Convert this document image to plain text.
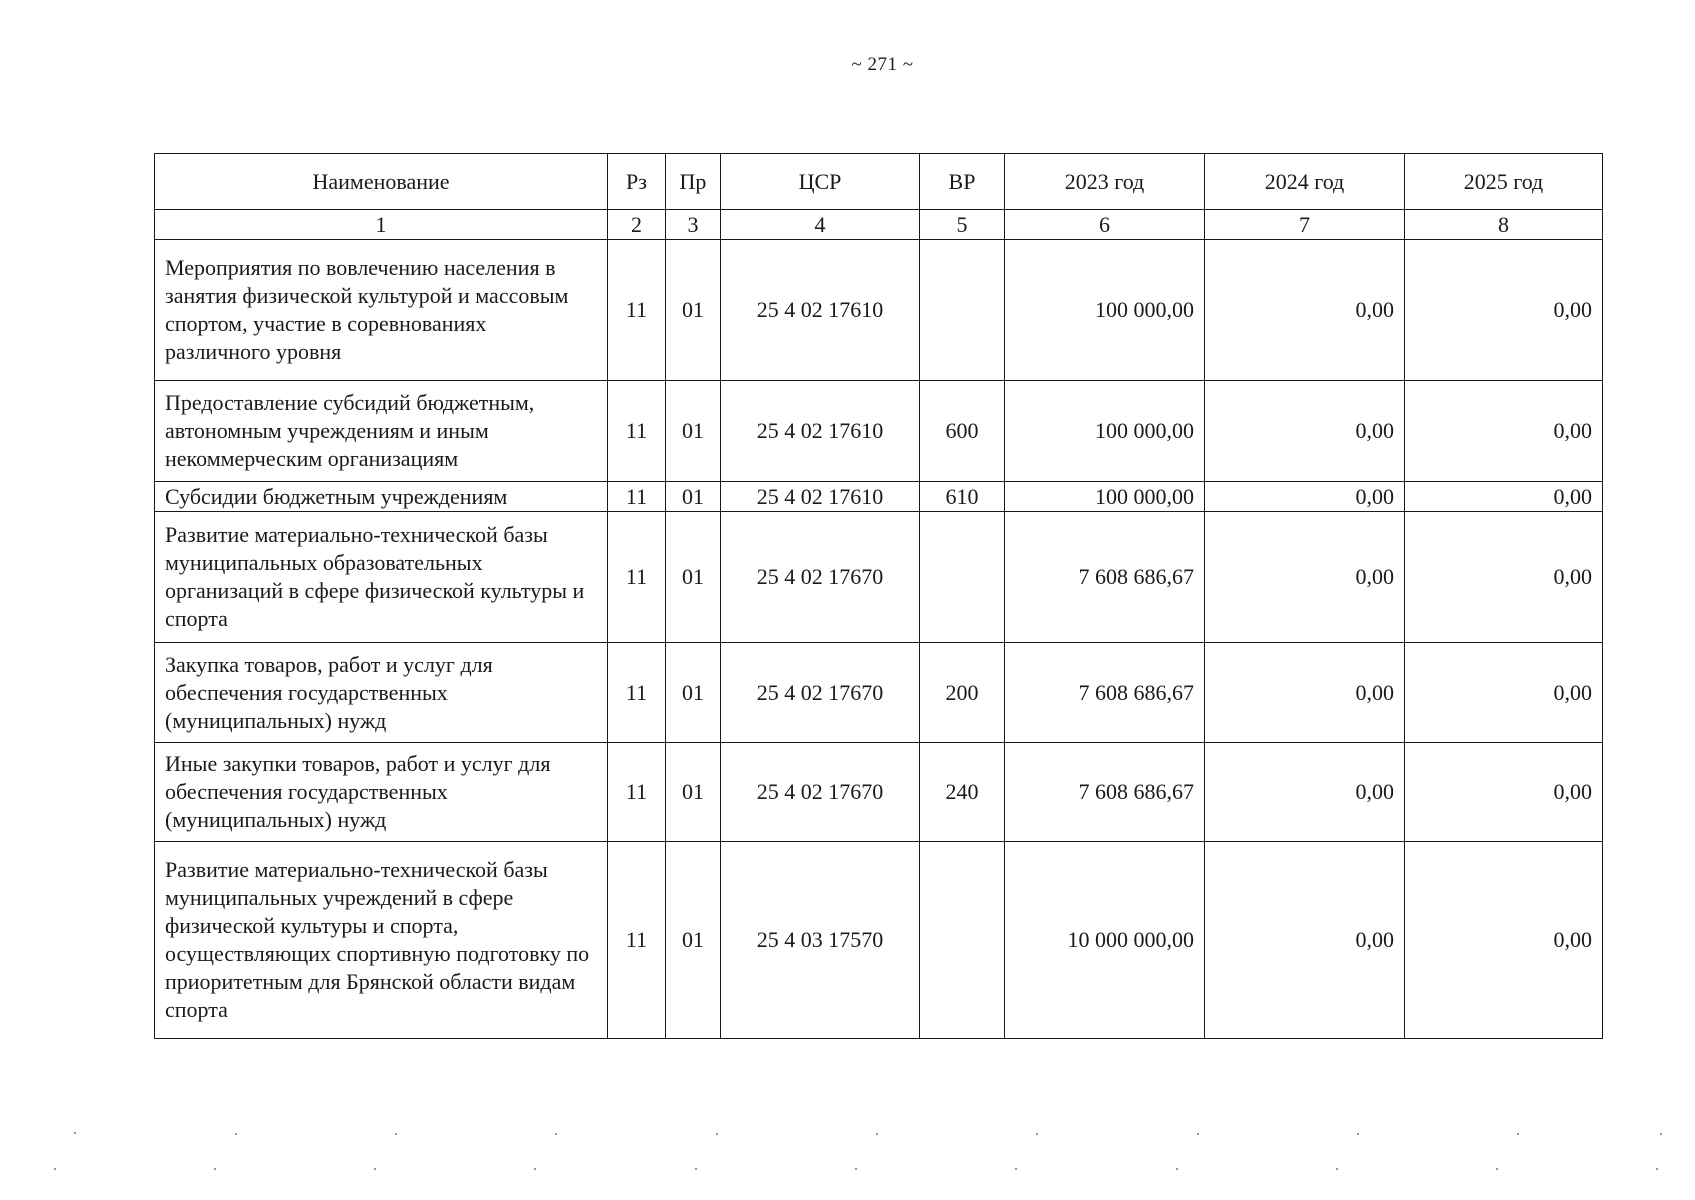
~ 271 ~
Наименование	Рз	Пр	ЦСР	ВР	2023 год	2024 год	2025 год
1	2	3	4	5	6	7	8
Мероприятия по вовлечению населения в занятия физической культурой и массовым спортом, участие в соревнованиях различного уровня	11	01	25 4 02 17610		100 000,00	0,00	0,00
Предоставление субсидий бюджетным, автономным учреждениям и иным некоммерческим организациям	11	01	25 4 02 17610	600	100 000,00	0,00	0,00
Субсидии бюджетным учреждениям	11	01	25 4 02 17610	610	100 000,00	0,00	0,00
Развитие материально-технической базы муниципальных образовательных организаций в сфере физической культуры и спорта	11	01	25 4 02 17670		7 608 686,67	0,00	0,00
Закупка товаров, работ и услуг для обеспечения государственных (муниципальных) нужд	11	01	25 4 02 17670	200	7 608 686,67	0,00	0,00
Иные закупки товаров, работ и услуг для обеспечения государственных (муниципальных) нужд	11	01	25 4 02 17670	240	7 608 686,67	0,00	0,00
Развитие материально-технической базы муниципальных учреждений в сфере физической культуры и спорта, осуществляющих спортивную подготовку по приоритетным для Брянской области видам спорта	11	01	25 4 03 17570		10 000 000,00	0,00	0,00
